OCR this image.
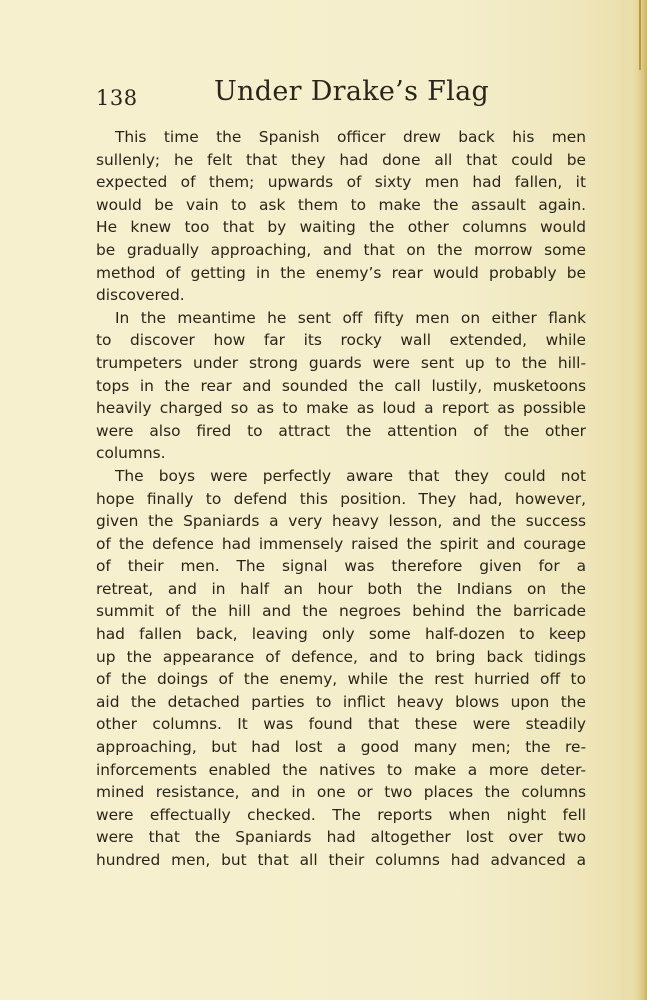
138	Under Drake’s Flag
This time the Spanish officer drew back his men
sullenly; he felt that they had done all that could be
expected of them; upwards of sixty men had fallen, it
would be vain to ask them to make the assault again.
He knew too that by waiting the other columns would
be gradually approaching, and that on the morrow some
method of getting in the enemy’s rear would probably be
discovered.
In the meantime he sent off fifty men on either flank
to discover how far its rocky wall extended, while
trumpeters under strong guards were sent up to the hill-
tops in the rear and sounded the call lustily, musketoons
heavily charged so as to make as loud a report as possible
were also fired to attract the attention of the other
columns.
The boys were perfectly aware that they could not
hope finally to defend this position. They had, however,
given the Spaniards a very heavy lesson, and the success
of the defence had immensely raised the spirit and courage
of their men. The signal was therefore given for a
retreat, and in half an hour both the Indians on the
summit of the hill and the negroes behind the barricade
had fallen back, leaving only some half-dozen to keep
up the appearance of defence, and to bring back tidings
of the doings of the enemy, while the rest hurried off to
aid the detached parties to inflict heavy blows upon the
other columns. It was found that these were steadily
approaching, but had lost a good many men; the re-
inforcements enabled the natives to make a more deter-
mined resistance, and in one or two places the columns
were effectually checked. The reports when night fell
were that the Spaniards had altogether lost over two
hundred men, but that all their columns had advanced a
